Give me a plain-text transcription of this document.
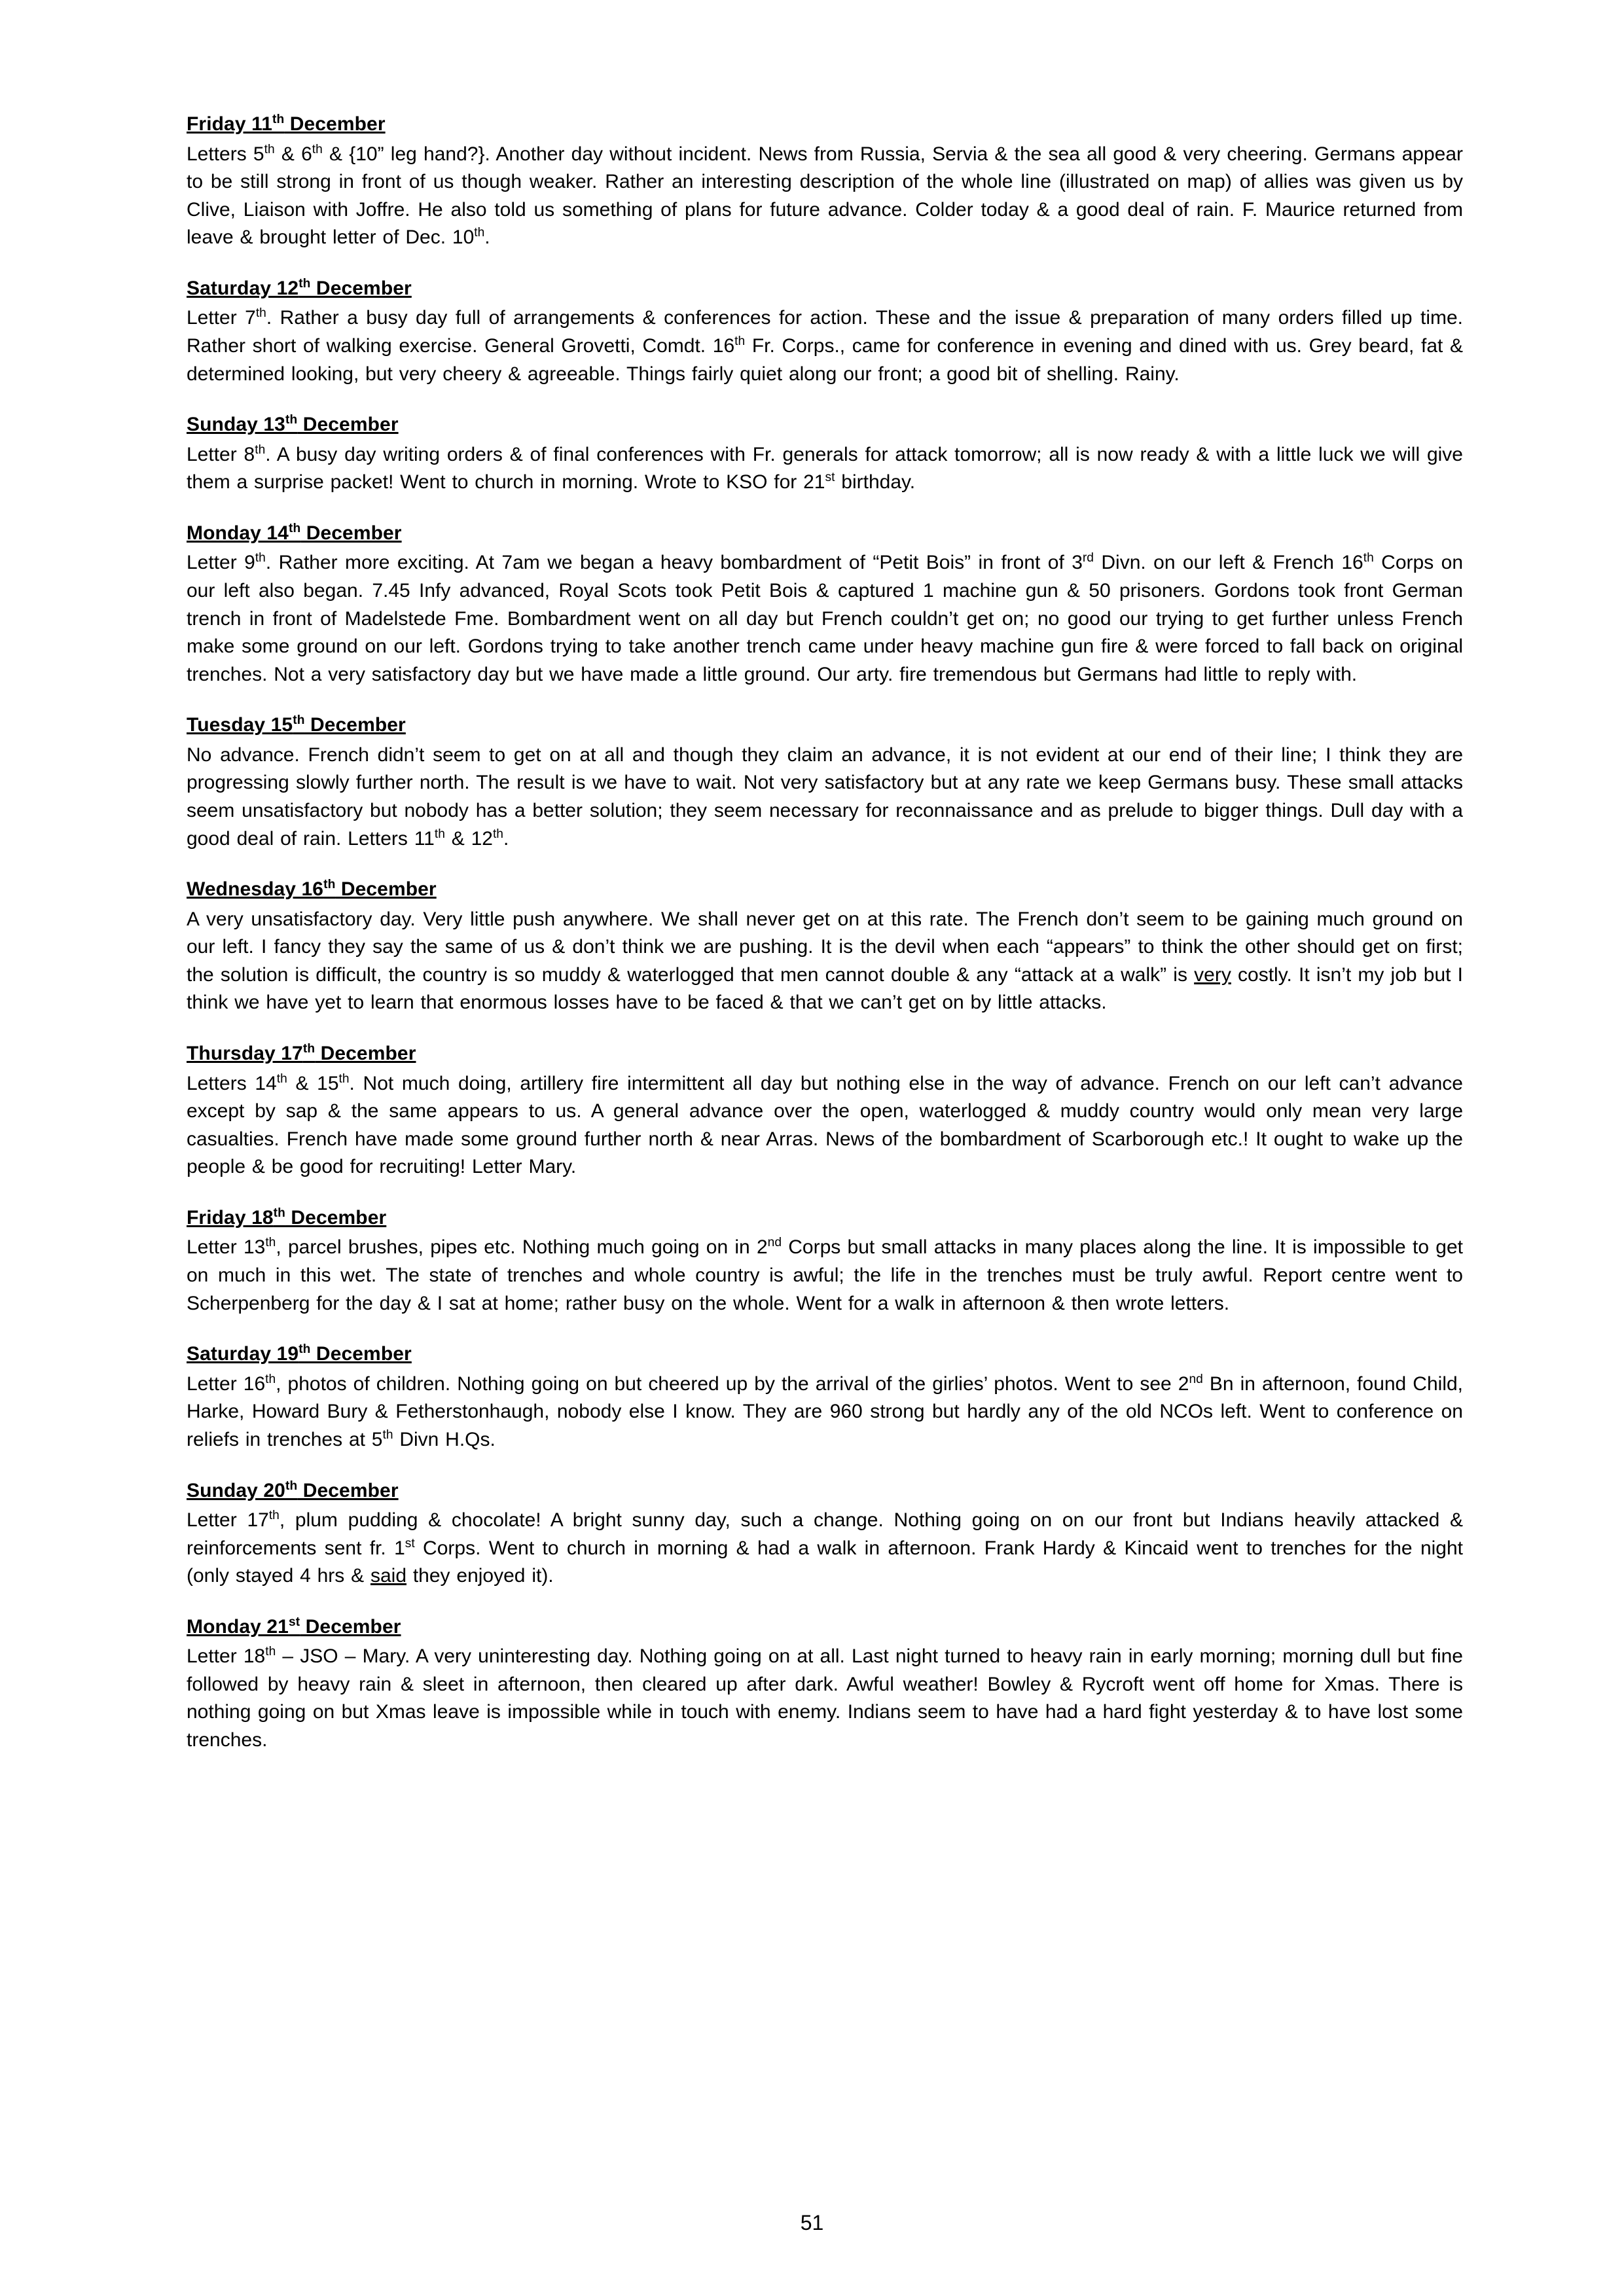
Friday 11th December

Letters 5th & 6th & {10” leg hand?}. Another day without incident. News from Russia, Servia & the sea all good & very cheering. Germans appear to be still strong in front of us though weaker. Rather an interesting description of the whole line (illustrated on map) of allies was given us by Clive, Liaison with Joffre. He also told us something of plans for future advance. Colder today & a good deal of rain. F. Maurice returned from leave & brought letter of Dec. 10th.

Saturday 12th December

Letter 7th. Rather a busy day full of arrangements & conferences for action. These and the issue & preparation of many orders filled up time. Rather short of walking exercise. General Grovetti, Comdt. 16th Fr. Corps., came for conference in evening and dined with us. Grey beard, fat & determined looking, but very cheery & agreeable. Things fairly quiet along our front; a good bit of shelling. Rainy.

Sunday 13th December

Letter 8th. A busy day writing orders & of final conferences with Fr. generals for attack tomorrow; all is now ready & with a little luck we will give them a surprise packet! Went to church in morning. Wrote to KSO for 21st birthday.

Monday 14th December

Letter 9th. Rather more exciting. At 7am we began a heavy bombardment of “Petit Bois” in front of 3rd Divn. on our left & French 16th Corps on our left also began. 7.45 Infy advanced, Royal Scots took Petit Bois & captured 1 machine gun & 50 prisoners. Gordons took front German trench in front of Madelstede Fme. Bombardment went on all day but French couldn’t get on; no good our trying to get further unless French make some ground on our left. Gordons trying to take another trench came under heavy machine gun fire & were forced to fall back on original trenches. Not a very satisfactory day but we have made a little ground. Our arty. fire tremendous but Germans had little to reply with.

Tuesday 15th December

No advance. French didn’t seem to get on at all and though they claim an advance, it is not evident at our end of their line; I think they are progressing slowly further north. The result is we have to wait. Not very satisfactory but at any rate we keep Germans busy. These small attacks seem unsatisfactory but nobody has a better solution; they seem necessary for reconnaissance and as prelude to bigger things. Dull day with a good deal of rain. Letters 11th & 12th.

Wednesday 16th December

A very unsatisfactory day. Very little push anywhere. We shall never get on at this rate. The French don’t seem to be gaining much ground on our left. I fancy they say the same of us & don’t think we are pushing. It is the devil when each “appears” to think the other should get on first; the solution is difficult, the country is so muddy & waterlogged that men cannot double & any “attack at a walk” is very costly. It isn’t my job but I think we have yet to learn that enormous losses have to be faced & that we can’t get on by little attacks.

Thursday 17th December

Letters 14th & 15th. Not much doing, artillery fire intermittent all day but nothing else in the way of advance. French on our left can’t advance except by sap & the same appears to us. A general advance over the open, waterlogged & muddy country would only mean very large casualties. French have made some ground further north & near Arras. News of the bombardment of Scarborough etc.! It ought to wake up the people & be good for recruiting! Letter Mary.

Friday 18th December

Letter 13th, parcel brushes, pipes etc. Nothing much going on in 2nd Corps but small attacks in many places along the line. It is impossible to get on much in this wet. The state of trenches and whole country is awful; the life in the trenches must be truly awful. Report centre went to Scherpenberg for the day & I sat at home; rather busy on the whole. Went for a walk in afternoon & then wrote letters.

Saturday 19th December

Letter 16th, photos of children. Nothing going on but cheered up by the arrival of the girlies’ photos. Went to see 2nd Bn in afternoon, found Child, Harke, Howard Bury & Fetherstonhaugh, nobody else I know. They are 960 strong but hardly any of the old NCOs left. Went to conference on reliefs in trenches at 5th Divn H.Qs.

Sunday 20th December

Letter 17th, plum pudding & chocolate! A bright sunny day, such a change. Nothing going on on our front but Indians heavily attacked & reinforcements sent fr. 1st Corps. Went to church in morning & had a walk in afternoon. Frank Hardy & Kincaid went to trenches for the night (only stayed 4 hrs & said they enjoyed it).

Monday 21st December

Letter 18th – JSO – Mary. A very uninteresting day. Nothing going on at all. Last night turned to heavy rain in early morning; morning dull but fine followed by heavy rain & sleet in afternoon, then cleared up after dark. Awful weather! Bowley & Rycroft went off home for Xmas. There is nothing going on but Xmas leave is impossible while in touch with enemy. Indians seem to have had a hard fight yesterday & to have lost some trenches.

51
